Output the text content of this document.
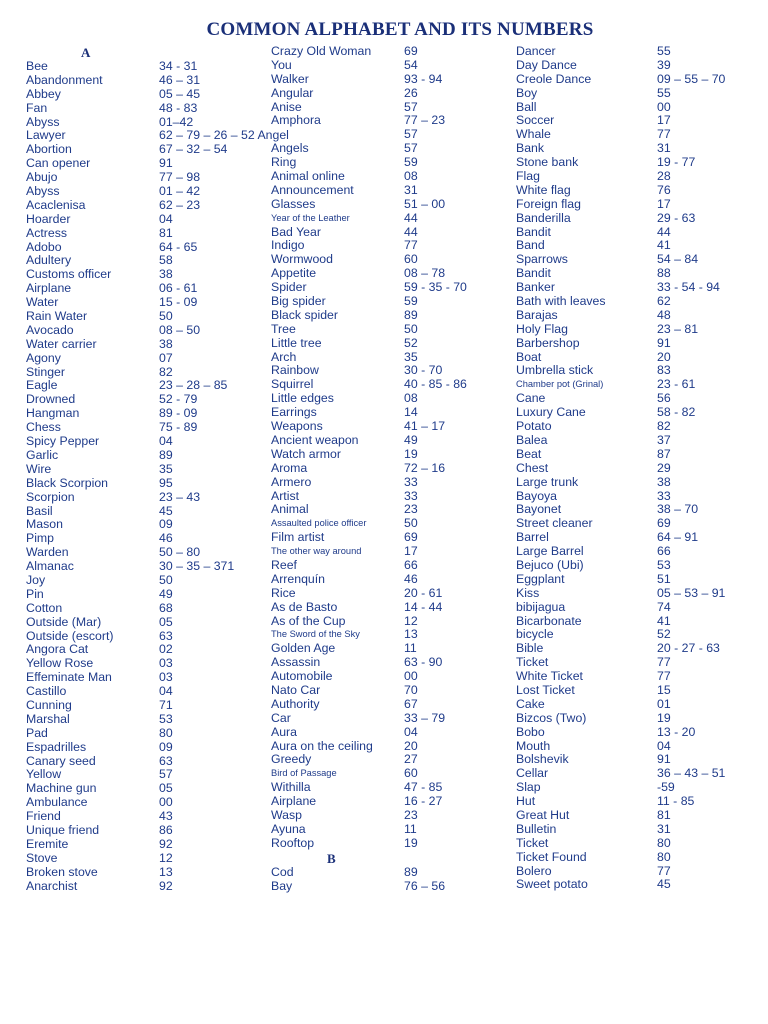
COMMON ALPHABET AND ITS NUMBERS
A
Bee	34 - 31
Abandonment	46 – 31
Abbey	05 – 45
Fan	48 - 83
Abyss	01–42
Lawyer	62 – 79 – 26 – 52 Angel
Abortion	67 – 32 – 54
Can opener	91
Abujo	77 – 98
Abyss	01 – 42
Acaclenisa	62 – 23
Hoarder	04
Actress	81
Adobo	64 - 65
Adultery	58
Customs officer	38
Airplane	06 - 61
Water	15 - 09
Rain Water	50
Avocado	08 – 50
Water carrier	38
Agony	07
Stinger	82
Eagle	23 – 28 – 85
Drowned	52 - 79
Hangman	89 - 09
Chess	75 - 89
Spicy Pepper	04
Garlic	89
Wire	35
Black Scorpion	95
Scorpion	23 – 43
Basil	45
Mason	09
Pimp	46
Warden	50 – 80
Almanac	30 – 35 – 371
Joy	50
Pin	49
Cotton	68
Outside (Mar)	05
Outside (escort)	63
Angora Cat	02
Yellow Rose	03
Effeminate Man	03
Castillo	04
Cunning	71
Marshal	53
Pad	80
Espadrilles	09
Canary seed	63
Yellow	57
Machine gun	05
Ambulance	00
Friend	43
Unique friend	86
Eremite	92
Stove	12
Broken stove	13
Anarchist	92
Crazy Old Woman	69
You	54
Walker	93 - 94
Angular	26
Anise	57
Amphora	77 – 23
57
Angels	57
Ring	59
Animal online	08
Announcement	31
Glasses	51 – 00
Year of the Leather	44
Bad Year	44
Indigo	77
Wormwood	60
Appetite	08 – 78
Spider	59 - 35 - 70
Big spider	59
Black spider	89
Tree	50
Little tree	52
Arch	35
Rainbow	30 - 70
Squirrel	40 - 85 - 86
Little edges	08
Earrings	14
Weapons	41 – 17
Ancient weapon	49
Watch armor	19
Aroma	72 – 16
Armero	33
Artist	33
Animal	23
Assaulted police officer	50
Film artist	69
The other way around	17
Reef	66
Arrenquín	46
Rice	20 - 61
As de Basto	14 - 44
As of the Cup	12
The Sword of the Sky	13
Golden Age	11
Assassin	63 - 90
Automobile	00
Nato Car	70
Authority	67
Car	33 – 79
Aura	04
Aura on the ceiling	20
Greedy	27
Bird of Passage	60
Withilla	47 - 85
Airplane	16 - 27
Wasp	23
Ayuna	11
Rooftop	19
B
Cod	89
Bay	76 – 56
Dancer	55
Day Dance	39
Creole Dance	09 – 55 – 70
Boy	55
Ball	00
Soccer	17
Whale	77
Bank	31
Stone bank	19 - 77
Flag	28
White flag	76
Foreign flag	17
Banderilla	29 - 63
Bandit	44
Band	41
Sparrows	54 – 84
Bandit	88
Banker	33 - 54 - 94
Bath with leaves	62
Barajas	48
Holy Flag	23 – 81
Barbershop	91
Boat	20
Umbrella stick	83
Chamber pot (Grinal)	23 - 61
Cane	56
Luxury Cane	58 - 82
Potato	82
Balea	37
Beat	87
Chest	29
Large trunk	38
Bayoya	33
Bayonet	38 – 70
Street cleaner	69
Barrel	64 – 91
Large Barrel	66
Bejuco (Ubi)	53
Eggplant	51
Kiss	05 – 53 – 91
bibijagua	74
Bicarbonate	41
bicycle	52
Bible	20 - 27 - 63
Ticket	77
White Ticket	77
Lost Ticket	15
Cake	01
Bizcos (Two)	19
Bobo	13 - 20
Mouth	04
Bolshevik	91
Cellar	36 – 43 – 51
Slap	-59
Hut	11 - 85
Great Hut	81
Bulletin	31
Ticket	80
Ticket Found	80
Bolero	77
Sweet potato	45
